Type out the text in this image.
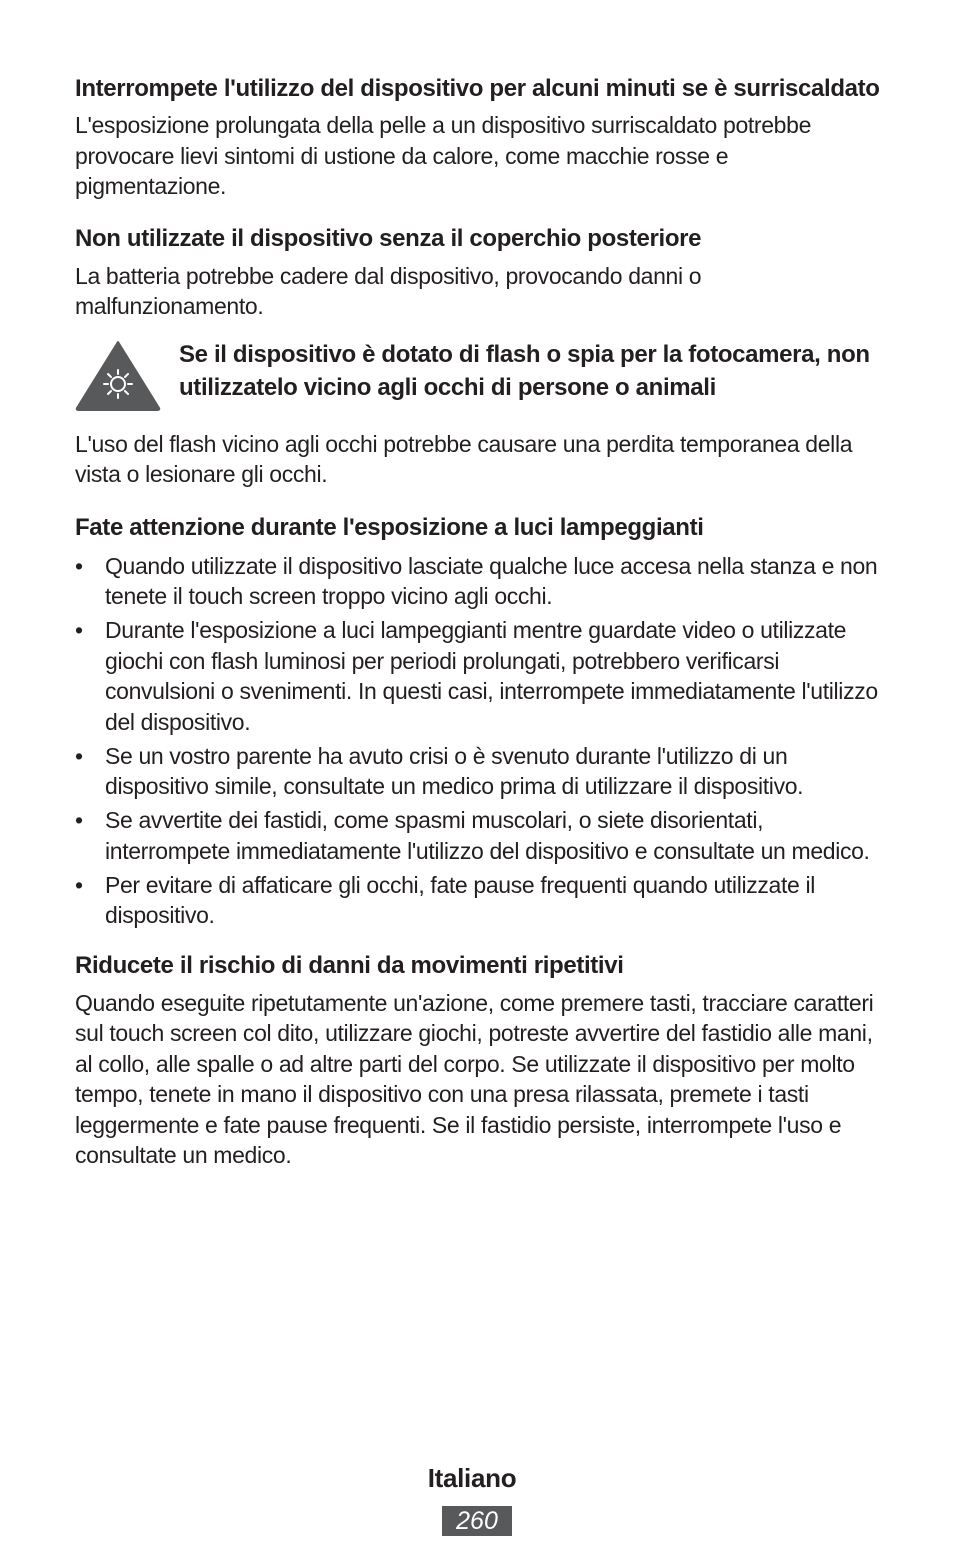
Interrompete l'utilizzo del dispositivo per alcuni minuti se è surriscaldato

L'esposizione prolungata della pelle a un dispositivo surriscaldato potrebbe provocare lievi sintomi di ustione da calore, come macchie rosse e pigmentazione.

Non utilizzate il dispositivo senza il coperchio posteriore

La batteria potrebbe cadere dal dispositivo, provocando danni o malfunzionamento.

Se il dispositivo è dotato di flash o spia per la fotocamera, non utilizzatelo vicino agli occhi di persone o animali

L'uso del flash vicino agli occhi potrebbe causare una perdita temporanea della vista o lesionare gli occhi.

Fate attenzione durante l'esposizione a luci lampeggianti
• Quando utilizzate il dispositivo lasciate qualche luce accesa nella stanza e non tenete il touch screen troppo vicino agli occhi.
• Durante l'esposizione a luci lampeggianti mentre guardate video o utilizzate giochi con flash luminosi per periodi prolungati, potrebbero verificarsi convulsioni o svenimenti. In questi casi, interrompete immediatamente l'utilizzo del dispositivo.
• Se un vostro parente ha avuto crisi o è svenuto durante l'utilizzo di un dispositivo simile, consultate un medico prima di utilizzare il dispositivo.
• Se avvertite dei fastidi, come spasmi muscolari, o siete disorientati, interrompete immediatamente l'utilizzo del dispositivo e consultate un medico.
• Per evitare di affaticare gli occhi, fate pause frequenti quando utilizzate il dispositivo.
Riducete il rischio di danni da movimenti ripetitivi

Quando eseguite ripetutamente un'azione, come premere tasti, tracciare caratteri sul touch screen col dito, utilizzare giochi, potreste avvertire del fastidio alle mani, al collo, alle spalle o ad altre parti del corpo. Se utilizzate il dispositivo per molto tempo, tenete in mano il dispositivo con una presa rilassata, premete i tasti leggermente e fate pause frequenti. Se il fastidio persiste, interrompete l'uso e consultate un medico.

Italiano
260
